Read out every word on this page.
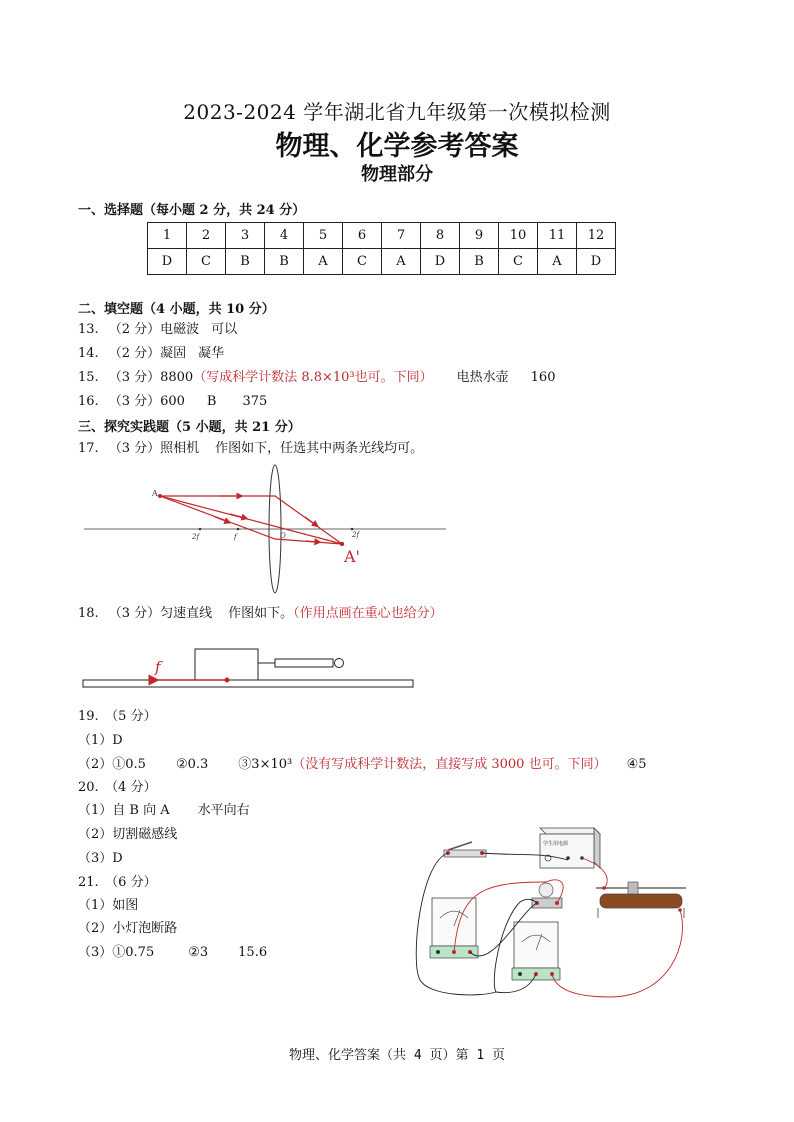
2023-2024 学年湖北省九年级第一次模拟检测
物理、化学参考答案
物理部分
一、选择题（每小题 2 分，共 24 分）
1	2	3	4	5	6	7	8	9	10	11	12
D	C	B	B	A	C	A	D	B	C	A	D
二、填空题（4 小题，共 10 分）
13. （2 分）电磁波 可以
14. （2 分）凝固 凝华
15. （3 分）8800（写成科学计数法 8.8×10³也可。下同） 电热水壶 160
16. （3 分）600 B 375
三、探究实践题（5 小题，共 21 分）
17. （3 分）照相机 作图如下，任选其中两条光线均可。
A
2f	f	O	2f
A'
18. （3 分）匀速直线 作图如下。（作用点画在重心也给分）
f
19.　（5 分）
（1）D
（2）①0.5 ②0.3 ③3×10³（没有写成科学计数法，直接写成 3000 也可。下同） ④5
20.　（4 分）
（1）自 B 向 A 水平向右
（2）切割磁感线
（3）D
21.　（6 分）
（1）如图
（2）小灯泡断路
（3）①0.75	②3 15.6
学生用电源
物理、化学答案（共 4 页）第 1 页
